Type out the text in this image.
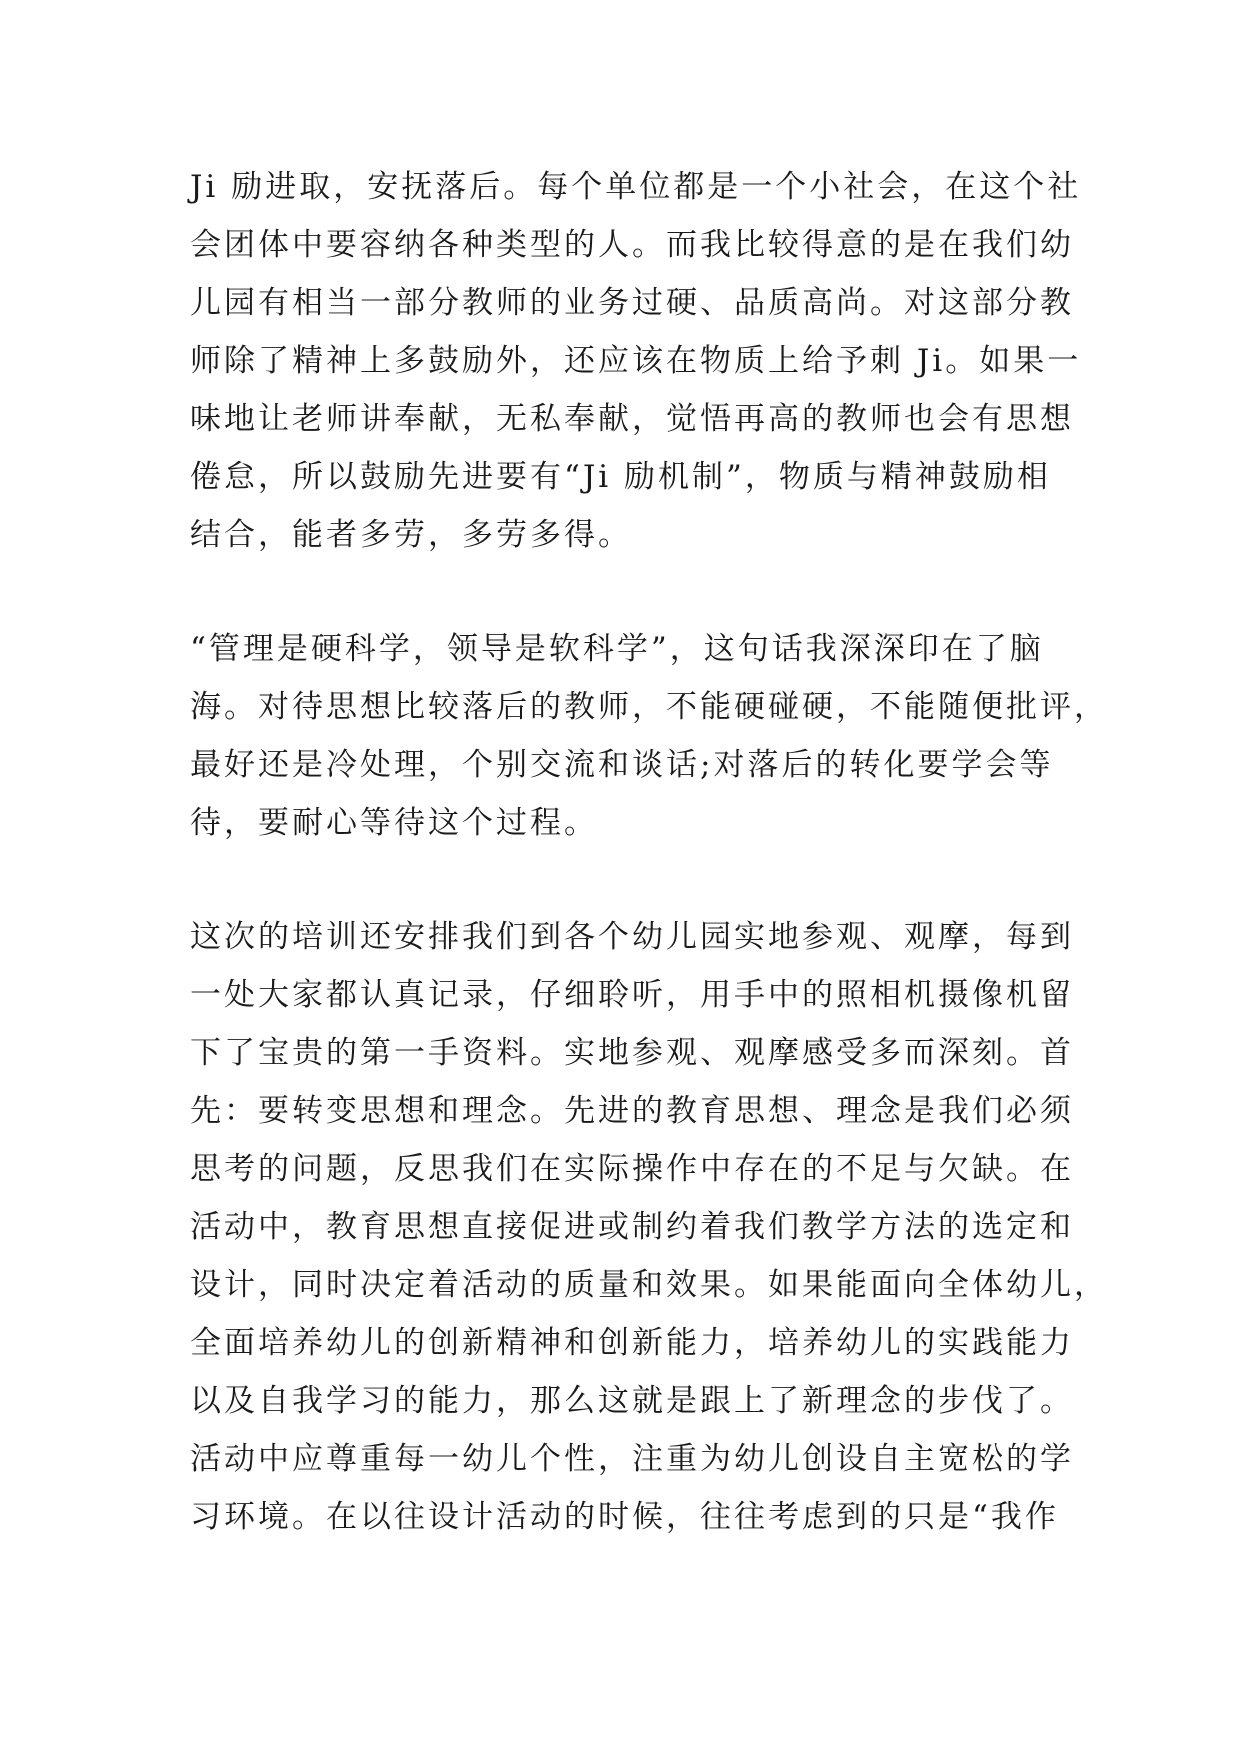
Ji 励进取，安抚落后。每个单位都是一个小社会，在这个社
会团体中要容纳各种类型的人。而我比较得意的是在我们幼
儿园有相当一部分教师的业务过硬、品质高尚。对这部分教
师除了精神上多鼓励外，还应该在物质上给予刺 Ji。如果一
味地让老师讲奉献，无私奉献，觉悟再高的教师也会有思想
倦怠，所以鼓励先进要有“Ji 励机制”，物质与精神鼓励相
结合，能者多劳，多劳多得。
“管理是硬科学，领导是软科学”，这句话我深深印在了脑
海。对待思想比较落后的教师，不能硬碰硬，不能随便批评，
最好还是冷处理，个别交流和谈话;对落后的转化要学会等
待，要耐心等待这个过程。
这次的培训还安排我们到各个幼儿园实地参观、观摩，每到
一处大家都认真记录，仔细聆听，用手中的照相机摄像机留
下了宝贵的第一手资料。实地参观、观摩感受多而深刻。首
先：要转变思想和理念。先进的教育思想、理念是我们必须
思考的问题，反思我们在实际操作中存在的不足与欠缺。在
活动中，教育思想直接促进或制约着我们教学方法的选定和
设计，同时决定着活动的质量和效果。如果能面向全体幼儿，
全面培养幼儿的创新精神和创新能力，培养幼儿的实践能力
以及自我学习的能力，那么这就是跟上了新理念的步伐了。
活动中应尊重每一幼儿个性，注重为幼儿创设自主宽松的学
习环境。在以往设计活动的时候，往往考虑到的只是“我作
